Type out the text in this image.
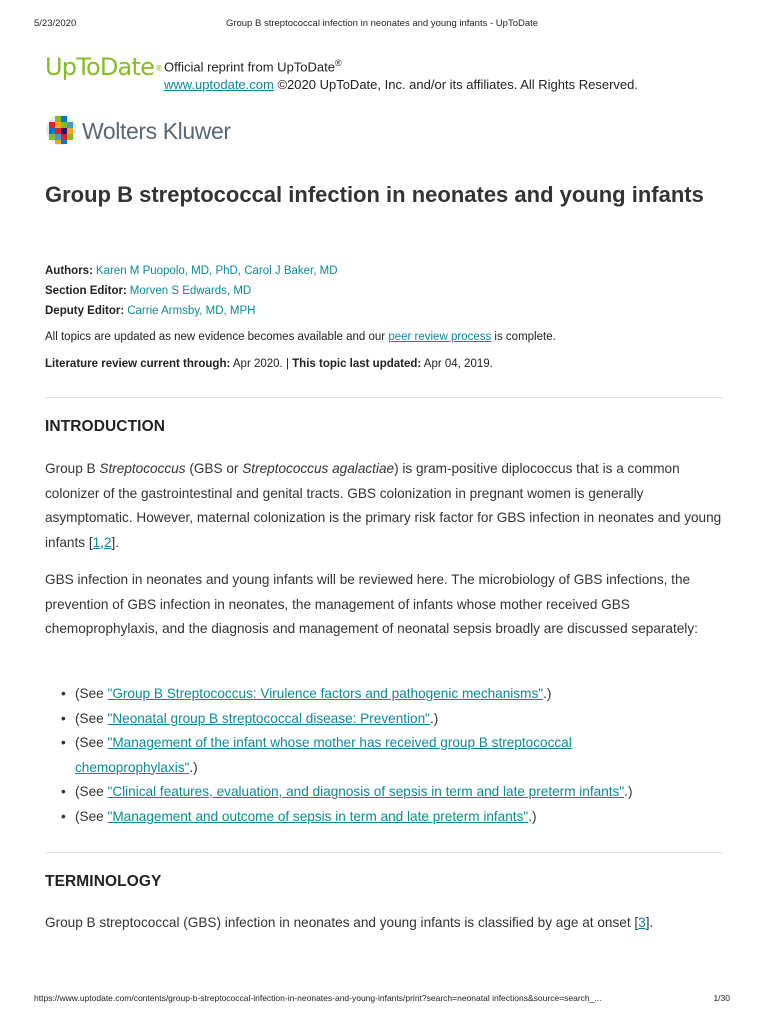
5/23/2020	Group B streptococcal infection in neonates and young infants - UpToDate
UpToDate® Official reprint from UpToDate®
www.uptodate.com ©2020 UpToDate, Inc. and/or its affiliates. All Rights Reserved.
Wolters Kluwer
Group B streptococcal infection in neonates and young infants
Authors: Karen M Puopolo, MD, PhD, Carol J Baker, MD
Section Editor: Morven S Edwards, MD
Deputy Editor: Carrie Armsby, MD, MPH
All topics are updated as new evidence becomes available and our peer review process is complete.
Literature review current through: Apr 2020. | This topic last updated: Apr 04, 2019.
INTRODUCTION

Group B Streptococcus (GBS or Streptococcus agalactiae) is gram-positive diplococcus that is a common colonizer of the gastrointestinal and genital tracts. GBS colonization in pregnant women is generally asymptomatic. However, maternal colonization is the primary risk factor for GBS infection in neonates and young infants [1,2].

GBS infection in neonates and young infants will be reviewed here. The microbiology of GBS infections, the prevention of GBS infection in neonates, the management of infants whose mother received GBS chemoprophylaxis, and the diagnosis and management of neonatal sepsis broadly are discussed separately:

• (See "Group B Streptococcus: Virulence factors and pathogenic mechanisms".)
• (See "Neonatal group B streptococcal disease: Prevention".)
• (See "Management of the infant whose mother has received group B streptococcal chemoprophylaxis".)
• (See "Clinical features, evaluation, and diagnosis of sepsis in term and late preterm infants".)
• (See "Management and outcome of sepsis in term and late preterm infants".)
TERMINOLOGY

Group B streptococcal (GBS) infection in neonates and young infants is classified by age at onset [3].

https://www.uptodate.com/contents/group-b-streptococcal-infection-in-neonates-and-young-infants/print?search=neonatal infections&source=search_...	1/30
